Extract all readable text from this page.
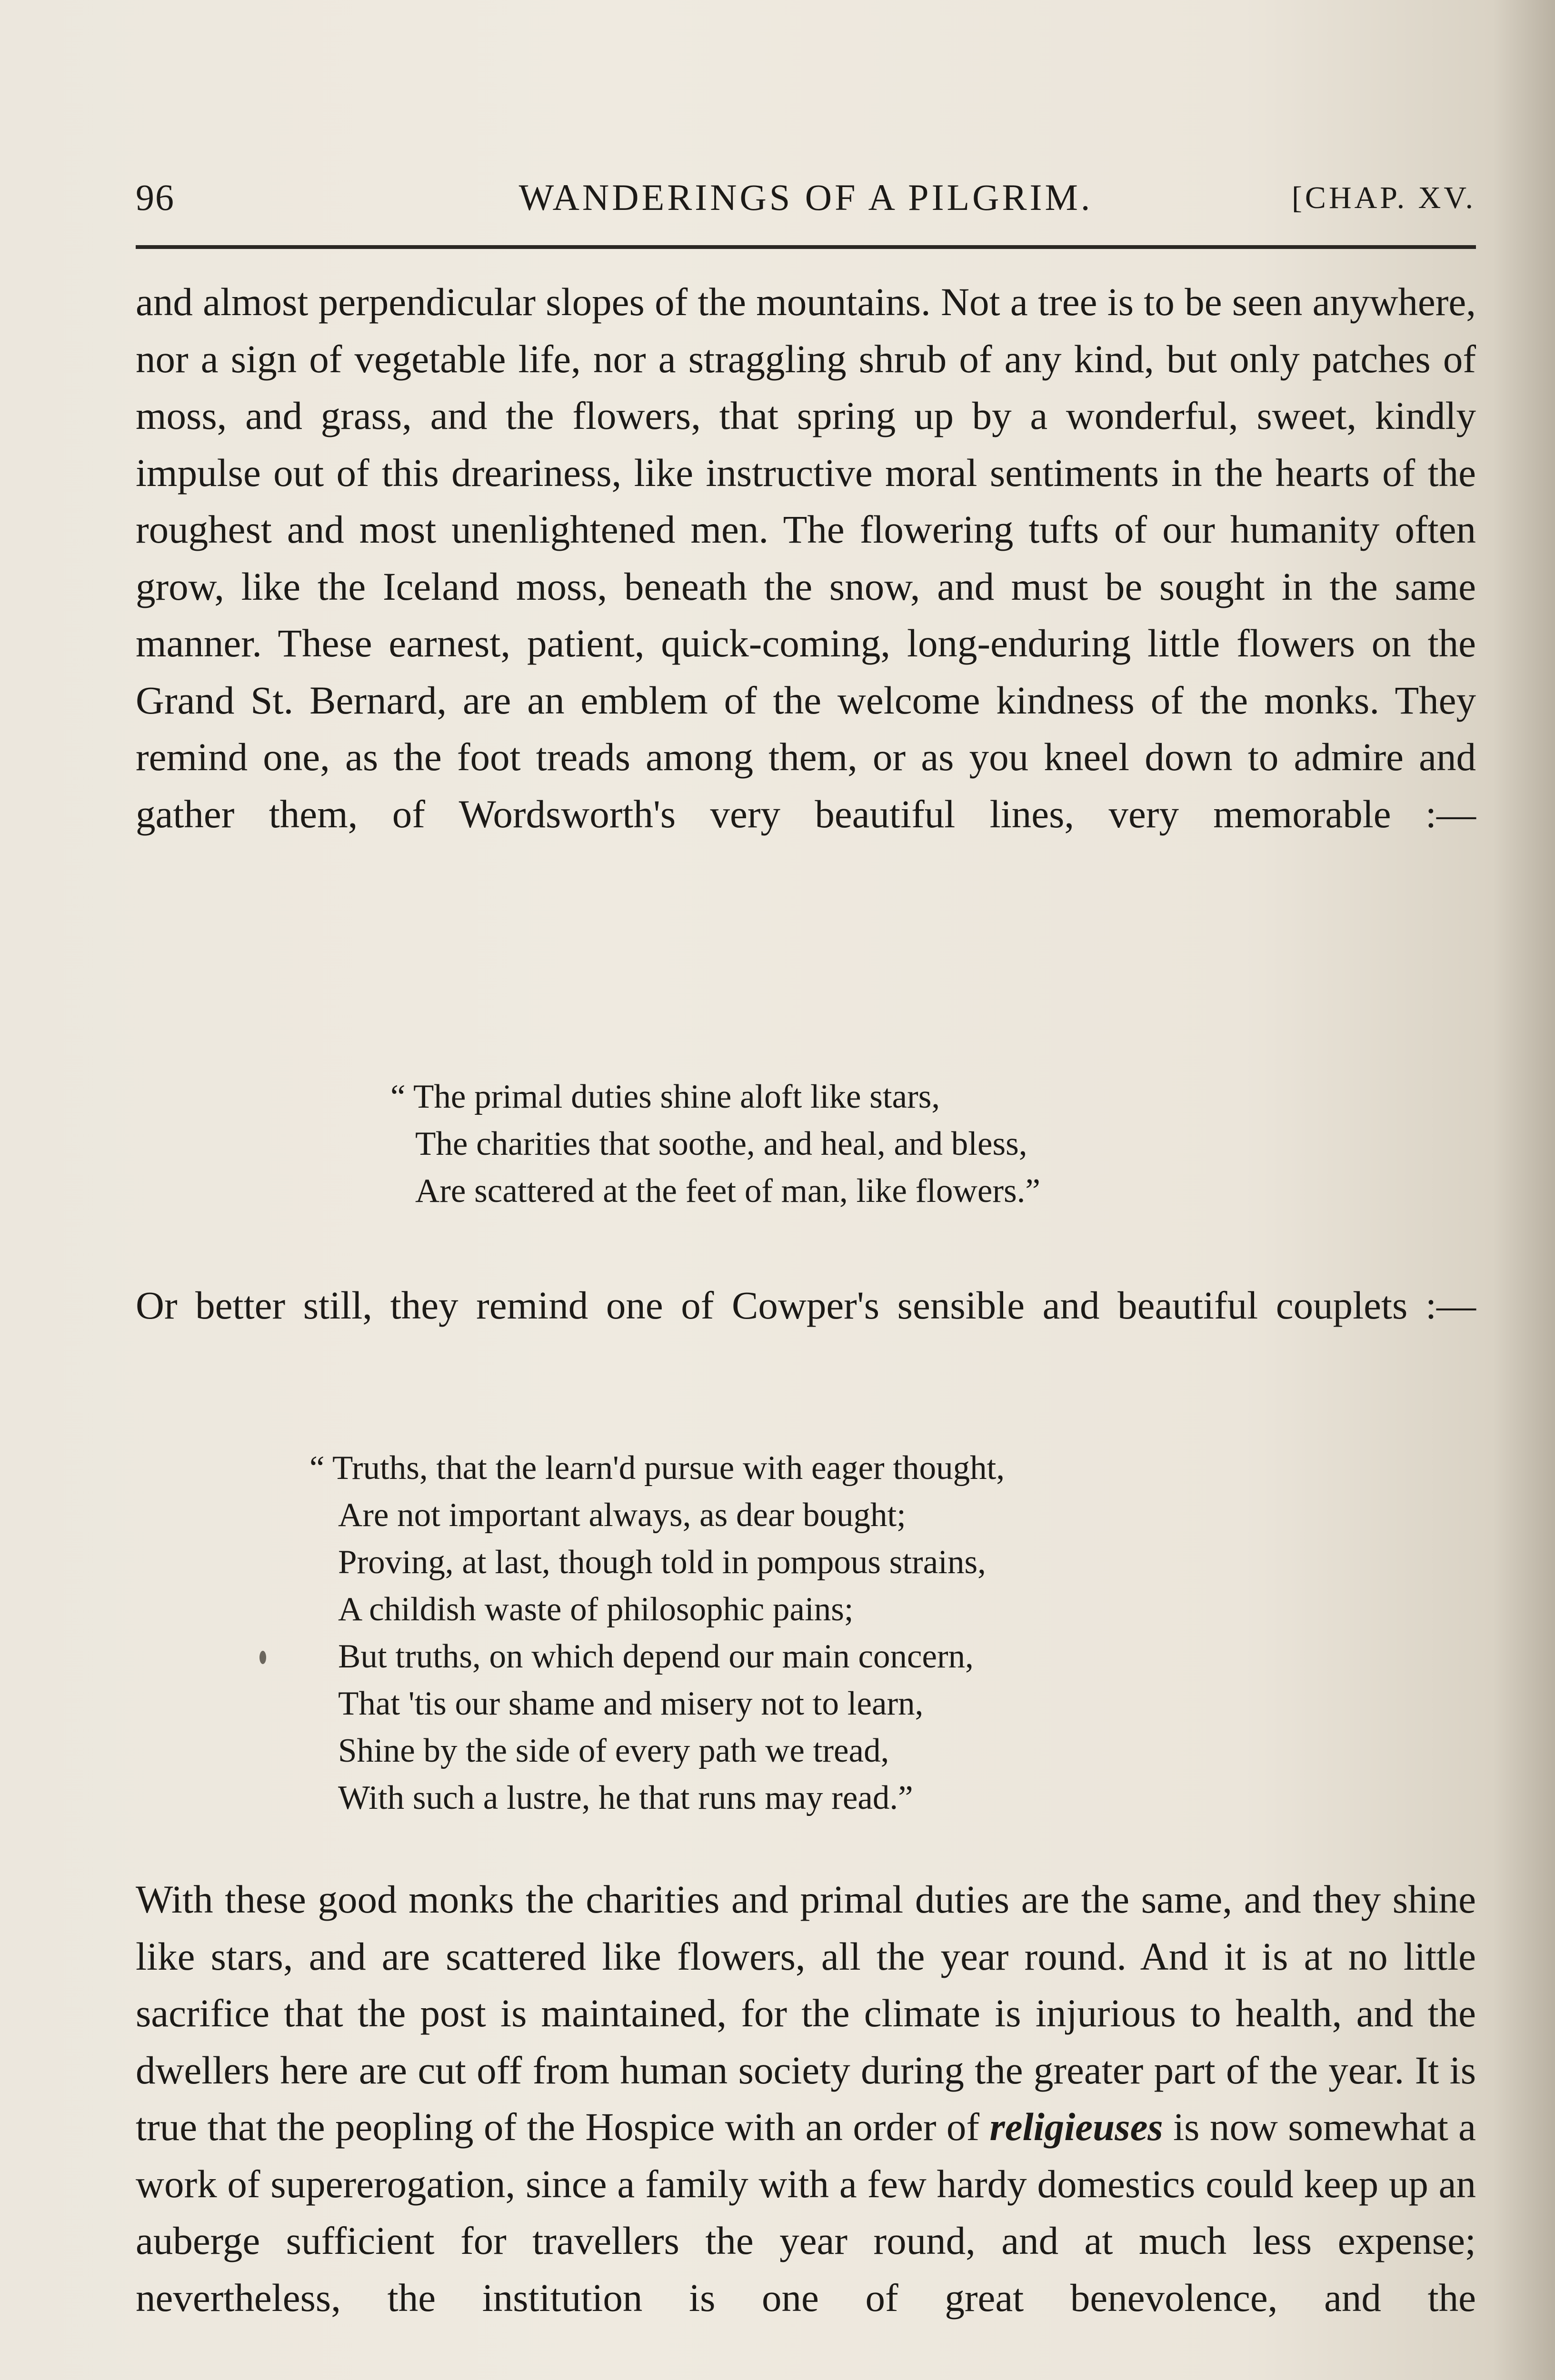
96	WANDERINGS OF A PILGRIM.	[CHAP. XV.

and almost perpendicular slopes of the mountains. Not a tree is to be seen anywhere, nor a sign of vegetable life, nor a straggling shrub of any kind, but only patches of moss, and grass, and the flowers, that spring up by a wonderful, sweet, kindly impulse out of this dreariness, like instructive moral sentiments in the hearts of the roughest and most unenlightened men. The flowering tufts of our humanity often grow, like the Iceland moss, beneath the snow, and must be sought in the same manner. These earnest, patient, quick-coming, long-enduring little flowers on the Grand St. Bernard, are an emblem of the welcome kindness of the monks. They remind one, as the foot treads among them, or as you kneel down to admire and gather them, of Wordsworth's very beautiful lines, very memorable :—

“ The primal duties shine aloft like stars,
The charities that soothe, and heal, and bless,
Are scattered at the feet of man, like flowers.”

Or better still, they remind one of Cowper's sensible and beautiful couplets :—

“ Truths, that the learn'd pursue with eager thought,
Are not important always, as dear bought;
Proving, at last, though told in pompous strains,
A childish waste of philosophic pains;
But truths, on which depend our main concern,
That 'tis our shame and misery not to learn,
Shine by the side of every path we tread,
With such a lustre, he that runs may read.”

With these good monks the charities and primal duties are the same, and they shine like stars, and are scattered like flowers, all the year round. And it is at no little sacrifice that the post is maintained, for the climate is injurious to health, and the dwellers here are cut off from human society during the greater part of the year. It is true that the peopling of the Hospice with an order of religieuses is now somewhat a work of supererogation, since a family with a few hardy domestics could keep up an auberge sufficient for travellers the year round, and at much less expense; nevertheless, the institution is one of great benevolence, and the
